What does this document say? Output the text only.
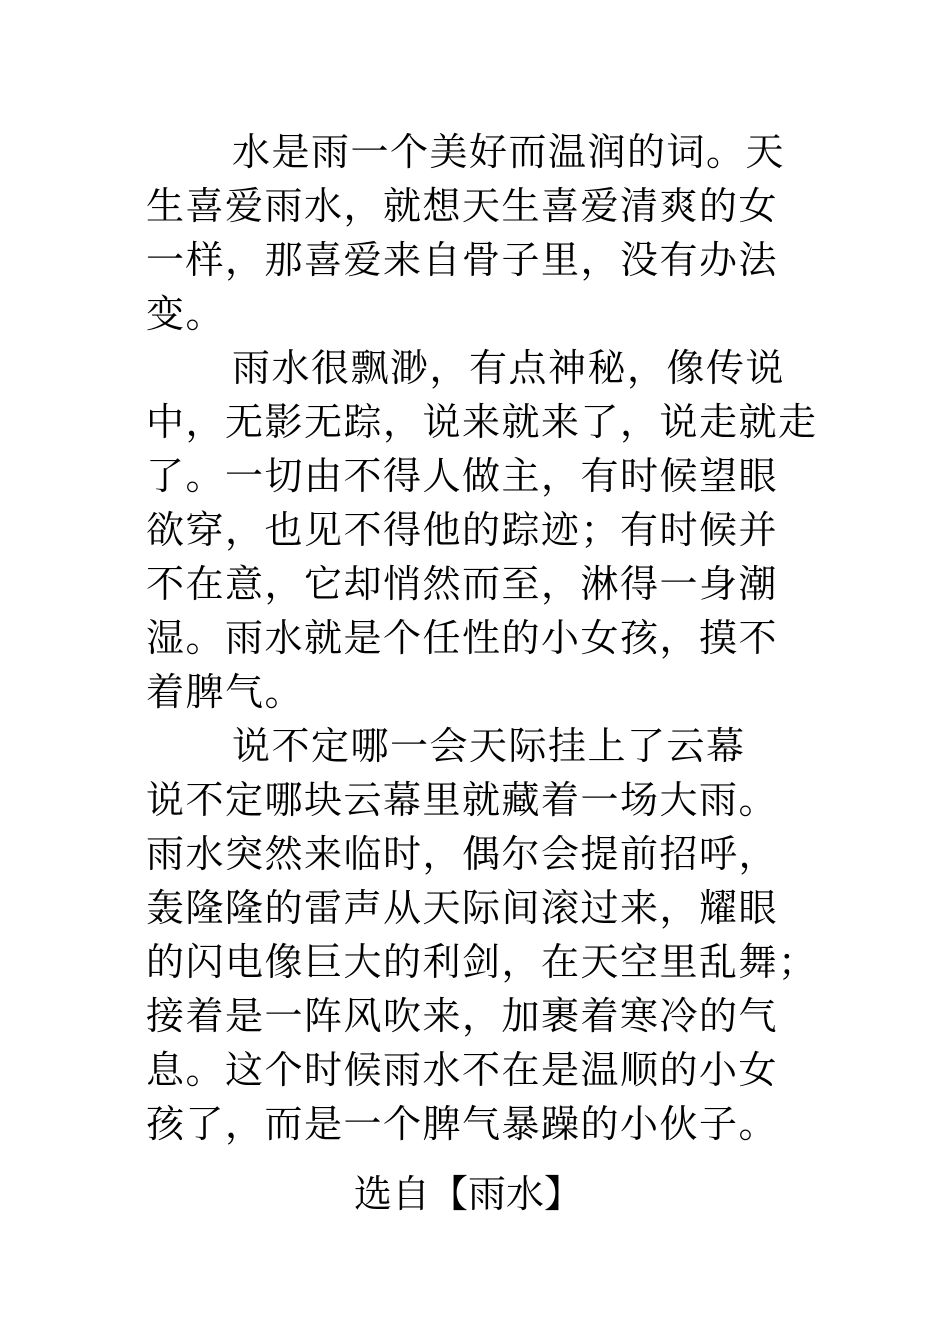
水是雨一个美好而温润的词。天
生喜爱雨水，就想天生喜爱清爽的女
一样，那喜爱来自骨子里，没有办法
变。
雨水很飘渺，有点神秘，像传说
中，无影无踪，说来就来了，说走就走
了。一切由不得人做主，有时候望眼
欲穿，也见不得他的踪迹；有时候并
不在意，它却悄然而至，淋得一身潮
湿。雨水就是个任性的小女孩，摸不
着脾气。
说不定哪一会天际挂上了云幕
说不定哪块云幕里就藏着一场大雨。
雨水突然来临时，偶尔会提前招呼，
轰隆隆的雷声从天际间滚过来，耀眼
的闪电像巨大的利剑，在天空里乱舞；
接着是一阵风吹来，加裹着寒冷的气
息。这个时候雨水不在是温顺的小女
孩了，而是一个脾气暴躁的小伙子。
选自【雨水】
